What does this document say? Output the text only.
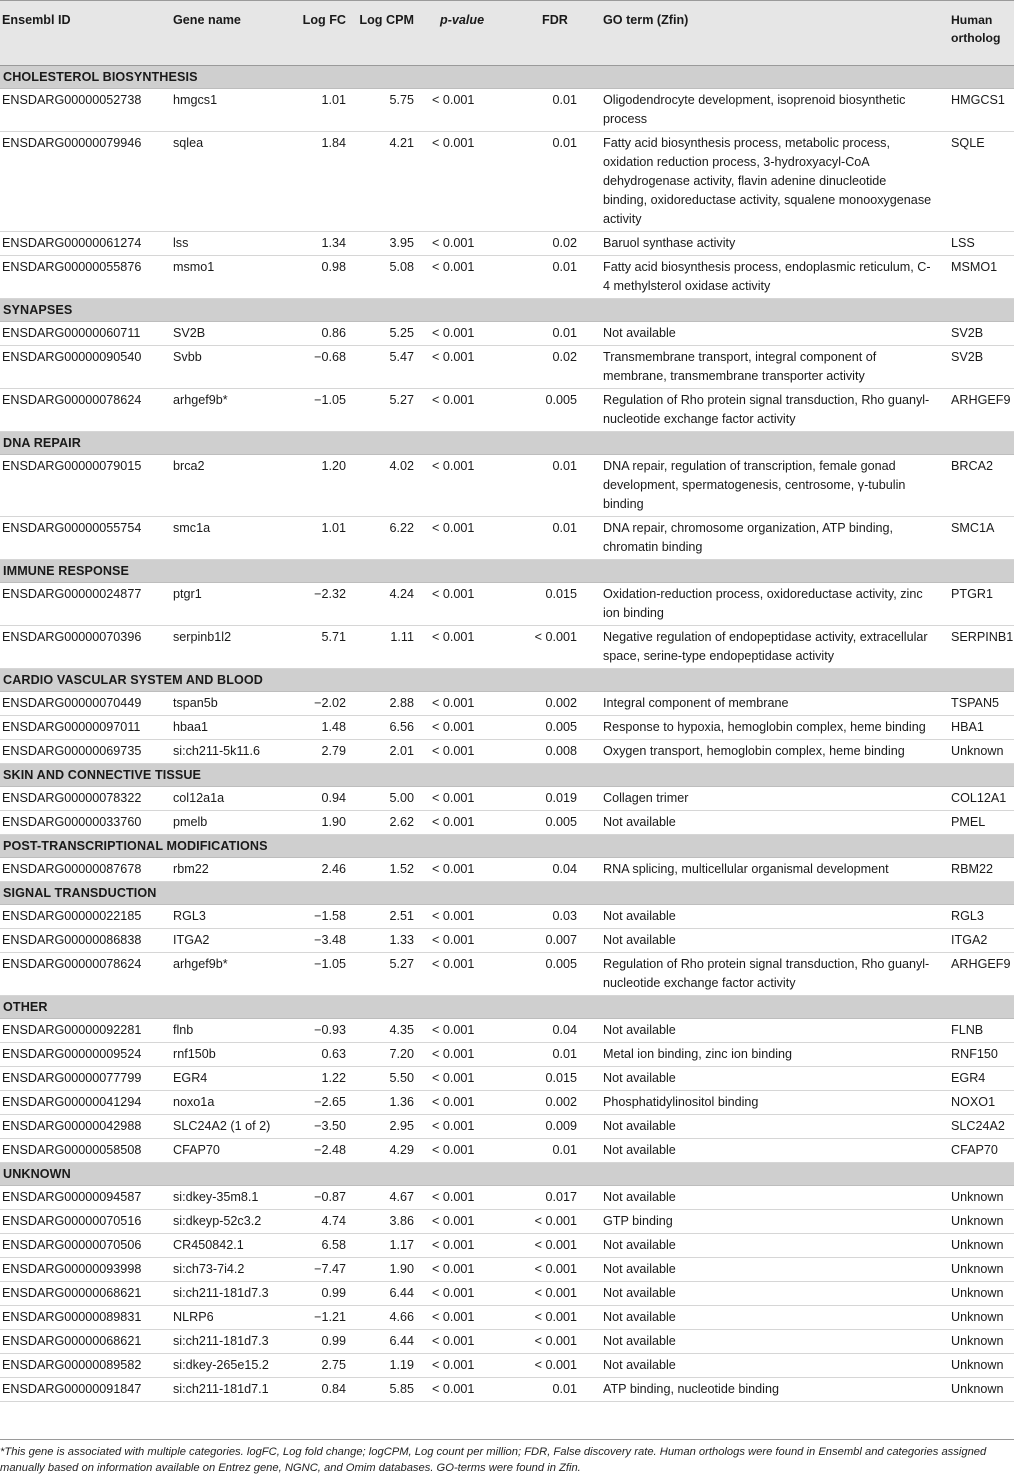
Ensembl ID	Gene name	Log FC	Log CPM	p-value	FDR	GO term (Zfin)	Human ortholog
CHOLESTEROL BIOSYNTHESIS							
ENSDARG00000052738	hmgcs1	1.01	5.75	< 0.001	0.01	Oligodendrocyte development, isoprenoid biosynthetic process	HMGCS1
ENSDARG00000079946	sqlea	1.84	4.21	< 0.001	0.01	Fatty acid biosynthesis process, metabolic process, oxidation reduction process, 3-hydroxyacyl-CoA dehydrogenase activity, flavin adenine dinucleotide binding, oxidoreductase activity, squalene monooxygenase activity	SQLE
ENSDARG00000061274	lss	1.34	3.95	< 0.001	0.02	Baruol synthase activity	LSS
ENSDARG00000055876	msmo1	0.98	5.08	< 0.001	0.01	Fatty acid biosynthesis process, endoplasmic reticulum, C-4 methylsterol oxidase activity	MSMO1
SYNAPSES							
ENSDARG00000060711	SV2B	0.86	5.25	< 0.001	0.01	Not available	SV2B
ENSDARG00000090540	Svbb	−0.68	5.47	< 0.001	0.02	Transmembrane transport, integral component of membrane, transmembrane transporter activity	SV2B
ENSDARG00000078624	arhgef9b*	−1.05	5.27	< 0.001	0.005	Regulation of Rho protein signal transduction, Rho guanyl-nucleotide exchange factor activity	ARHGEF9
DNA REPAIR							
ENSDARG00000079015	brca2	1.20	4.02	< 0.001	0.01	DNA repair, regulation of transcription, female gonad development, spermatogenesis, centrosome, γ-tubulin binding	BRCA2
ENSDARG00000055754	smc1a	1.01	6.22	< 0.001	0.01	DNA repair, chromosome organization, ATP binding, chromatin binding	SMC1A
IMMUNE RESPONSE							
ENSDARG00000024877	ptgr1	−2.32	4.24	< 0.001	0.015	Oxidation-reduction process, oxidoreductase activity, zinc ion binding	PTGR1
ENSDARG00000070396	serpinb1l2	5.71	1.11	< 0.001	< 0.001	Negative regulation of endopeptidase activity, extracellular space, serine-type endopeptidase activity	SERPINB1
CARDIO VASCULAR SYSTEM AND BLOOD							
ENSDARG00000070449	tspan5b	−2.02	2.88	< 0.001	0.002	Integral component of membrane	TSPAN5
ENSDARG00000097011	hbaa1	1.48	6.56	< 0.001	0.005	Response to hypoxia, hemoglobin complex, heme binding	HBA1
ENSDARG00000069735	si:ch211-5k11.6	2.79	2.01	< 0.001	0.008	Oxygen transport, hemoglobin complex, heme binding	Unknown
SKIN AND CONNECTIVE TISSUE							
ENSDARG00000078322	col12a1a	0.94	5.00	< 0.001	0.019	Collagen trimer	COL12A1
ENSDARG00000033760	pmelb	1.90	2.62	< 0.001	0.005	Not available	PMEL
POST-TRANSCRIPTIONAL MODIFICATIONS							
ENSDARG00000087678	rbm22	2.46	1.52	< 0.001	0.04	RNA splicing, multicellular organismal development	RBM22
SIGNAL TRANSDUCTION							
ENSDARG00000022185	RGL3	−1.58	2.51	< 0.001	0.03	Not available	RGL3
ENSDARG00000086838	ITGA2	−3.48	1.33	< 0.001	0.007	Not available	ITGA2
ENSDARG00000078624	arhgef9b*	−1.05	5.27	< 0.001	0.005	Regulation of Rho protein signal transduction, Rho guanyl-nucleotide exchange factor activity	ARHGEF9
OTHER							
ENSDARG00000092281	flnb	−0.93	4.35	< 0.001	0.04	Not available	FLNB
ENSDARG00000009524	rnf150b	0.63	7.20	< 0.001	0.01	Metal ion binding, zinc ion binding	RNF150
ENSDARG00000077799	EGR4	1.22	5.50	< 0.001	0.015	Not available	EGR4
ENSDARG00000041294	noxo1a	−2.65	1.36	< 0.001	0.002	Phosphatidylinositol binding	NOXO1
ENSDARG00000042988	SLC24A2 (1 of 2)	−3.50	2.95	< 0.001	0.009	Not available	SLC24A2
ENSDARG00000058508	CFAP70	−2.48	4.29	< 0.001	0.01	Not available	CFAP70
UNKNOWN							
ENSDARG00000094587	si:dkey-35m8.1	−0.87	4.67	< 0.001	0.017	Not available	Unknown
ENSDARG00000070516	si:dkeyp-52c3.2	4.74	3.86	< 0.001	< 0.001	GTP binding	Unknown
ENSDARG00000070506	CR450842.1	6.58	1.17	< 0.001	< 0.001	Not available	Unknown
ENSDARG00000093998	si:ch73-7i4.2	−7.47	1.90	< 0.001	< 0.001	Not available	Unknown
ENSDARG00000068621	si:ch211-181d7.3	0.99	6.44	< 0.001	< 0.001	Not available	Unknown
ENSDARG00000089831	NLRP6	−1.21	4.66	< 0.001	< 0.001	Not available	Unknown
ENSDARG00000068621	si:ch211-181d7.3	0.99	6.44	< 0.001	< 0.001	Not available	Unknown
ENSDARG00000089582	si:dkey-265e15.2	2.75	1.19	< 0.001	< 0.001	Not available	Unknown
ENSDARG00000091847	si:ch211-181d7.1	0.84	5.85	< 0.001	0.01	ATP binding, nucleotide binding	Unknown
*This gene is associated with multiple categories. logFC, Log fold change; logCPM, Log count per million; FDR, False discovery rate. Human orthologs were found in Ensembl and categories assigned manually based on information available on Entrez gene, NGNC, and Omim databases. GO-terms were found in Zfin.
